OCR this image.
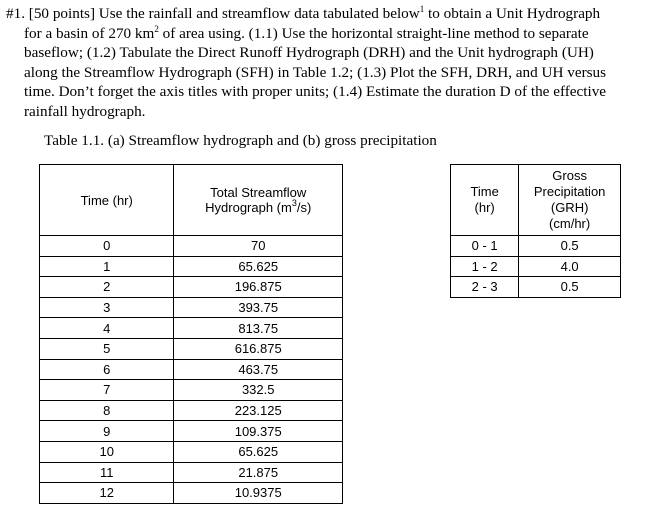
#1. [50 points] Use the rainfall and streamflow data tabulated below$^1$ to obtain a Unit Hydrograph
for a basin of 270 $km^2$ of area using. (1.1) Use the horizontal straight-line method to separate
baseflow; (1.2) Tabulate the Direct Runoff Hydrograph (DRH) and the Unit hydrograph (UH)
along the Streamflow Hydrograph (SFH) in Table 1.2; (1.3) Plot the SFH, DRH, and UH versus
time. Don’t forget the axis titles with proper units; (1.4) Estimate the duration D of the effective
rainfall hydrograph.
Table 1.1. (a) Streamflow hydrograph and (b) gross precipitation
Time (hr)	Total Streamflow
Hydrograph $(m^3/s)$
0	70
1	65.625
2	196.875
3	393.75
4	813.75
5	616.875
6	463.75
7	332.5
8	223.125
9	109.375
10	65.625
11	21.875
12	10.9375
Time
(hr)	Gross
Precipitation
(GRH)
(cm/hr)
0 - 1	0.5
1 - 2	4.0
2 - 3	0.5
